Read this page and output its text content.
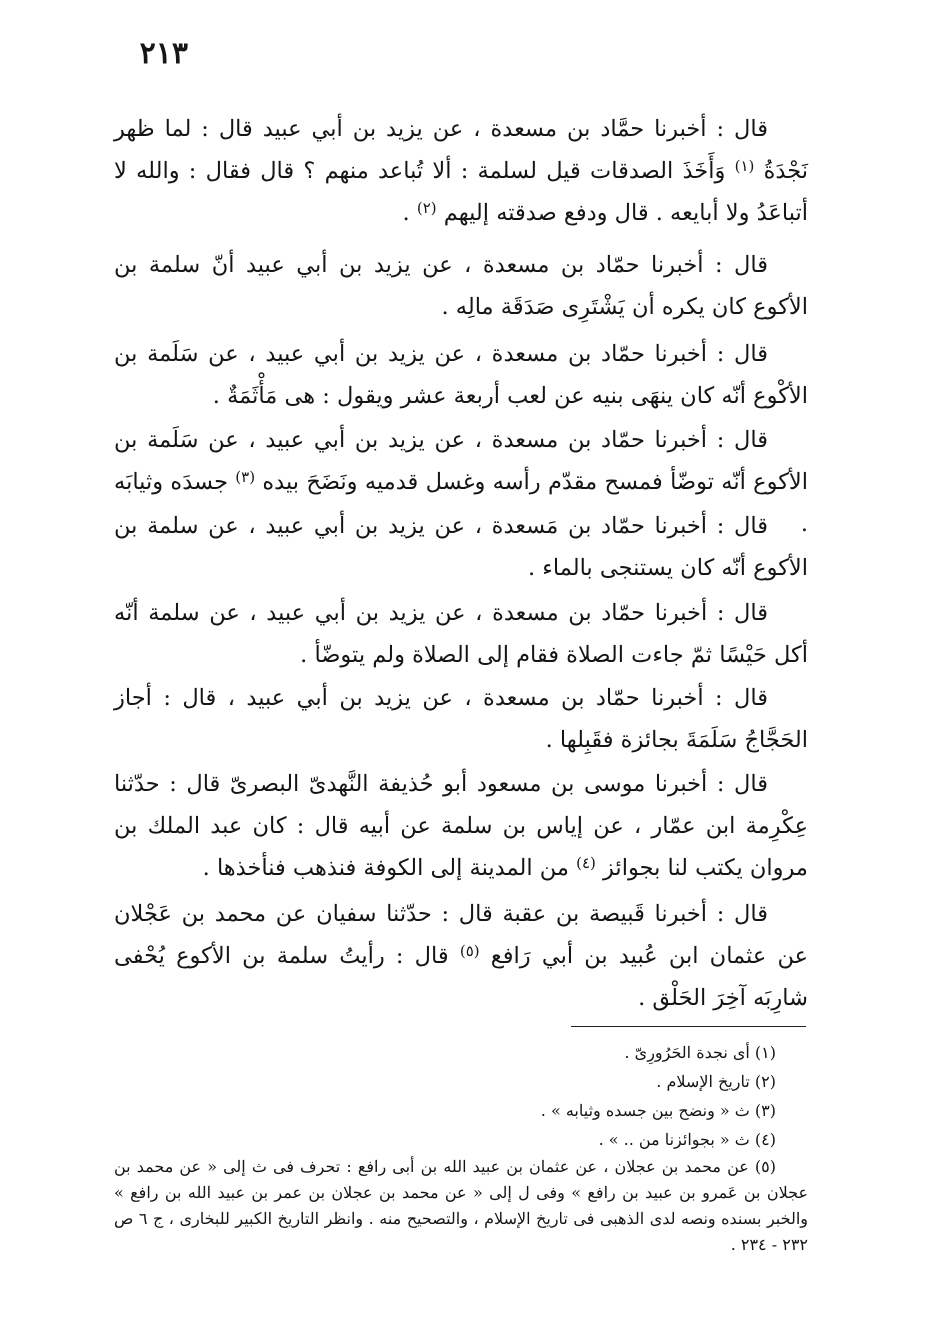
٢١٣

قال : أخبرنا حمَّاد بن مسعدة ، عن يزيد بن أبي عبيد قال : لما ظهر نَجْدَةُ $^{(١)}$ وَأَخَذَ الصدقات قيل لسلمة : ألا تُباعد منهم ؟ قال فقال : والله لا أتباعَدُ ولا أبايعه . قال ودفع صدقته إليهم $^{(٢)}$ .

قال : أخبرنا حمّاد بن مسعدة ، عن يزيد بن أبي عبيد أنّ سلمة بن الأكوع كان يكره أن يَشْتَرِى صَدَقَة مالِه .

قال : أخبرنا حمّاد بن مسعدة ، عن يزيد بن أبي عبيد ، عن سَلَمة بن الأكْوع أنّه كان ينهَى بنيه عن لعب أربعة عشر ويقول : هى مَأْثَمَةٌ .

قال : أخبرنا حمّاد بن مسعدة ، عن يزيد بن أبي عبيد ، عن سَلَمة بن الأكوع أنّه توضّأ فمسح مقدّم رأسه وغسل قدميه ونَضَحَ بيده $^{(٣)}$ جسدَه وثيابَه .

قال : أخبرنا حمّاد بن مَسعدة ، عن يزيد بن أبي عبيد ، عن سلمة بن الأكوع أنّه كان يستنجى بالماء .

قال : أخبرنا حمّاد بن مسعدة ، عن يزيد بن أبي عبيد ، عن سلمة أنّه أكل حَيْسًا ثمّ جاءت الصلاة فقام إلى الصلاة ولم يتوضّأ .

قال : أخبرنا حمّاد بن مسعدة ، عن يزيد بن أبي عبيد ، قال : أجاز الحَجَّاجُ سَلَمَةَ بجائزة فقَبِلها .

قال : أخبرنا موسى بن مسعود أبو حُذيفة النَّهدىّ البصرىّ قال : حدّثنا عِكْرِمة ابن عمّار ، عن إياس بن سلمة عن أبيه قال : كان عبد الملك بن مروان يكتب لنا بجوائز $^{(٤)}$ من المدينة إلى الكوفة فنذهب فنأخذها .

قال : أخبرنا قَبيصة بن عقبة قال : حدّثنا سفيان عن محمد بن عَجْلان عن عثمان ابن عُبيد بن أبي رَافع $^{(٥)}$ قال : رأيتُ سلمة بن الأكوع يُحْفى شارِبَه آخِرَ الحَلْق .

(١) أى نجدة الحَرُورِىّ .

(٢) تاريخ الإسلام .

(٣) ث « ونضح بين جسده وثيابه » .

(٤) ث « بجوائزنا من .. » .

(٥) عن محمد بن عجلان ، عن عثمان بن عبيد الله بن أبى رافع : تحرف فى ث إلى « عن محمد بن عجلان بن عَمرو بن عبيد بن رافع » وفى ل إلى « عن محمد بن عجلان بن عمر بن عبيد الله بن رافع » والخبر بسنده ونصه لدى الذهبى فى تاريخ الإسلام ، والتصحيح منه . وانظر التاريخ الكبير للبخارى ، ج ٦ ص ٢٣٢ - ٢٣٤ .
